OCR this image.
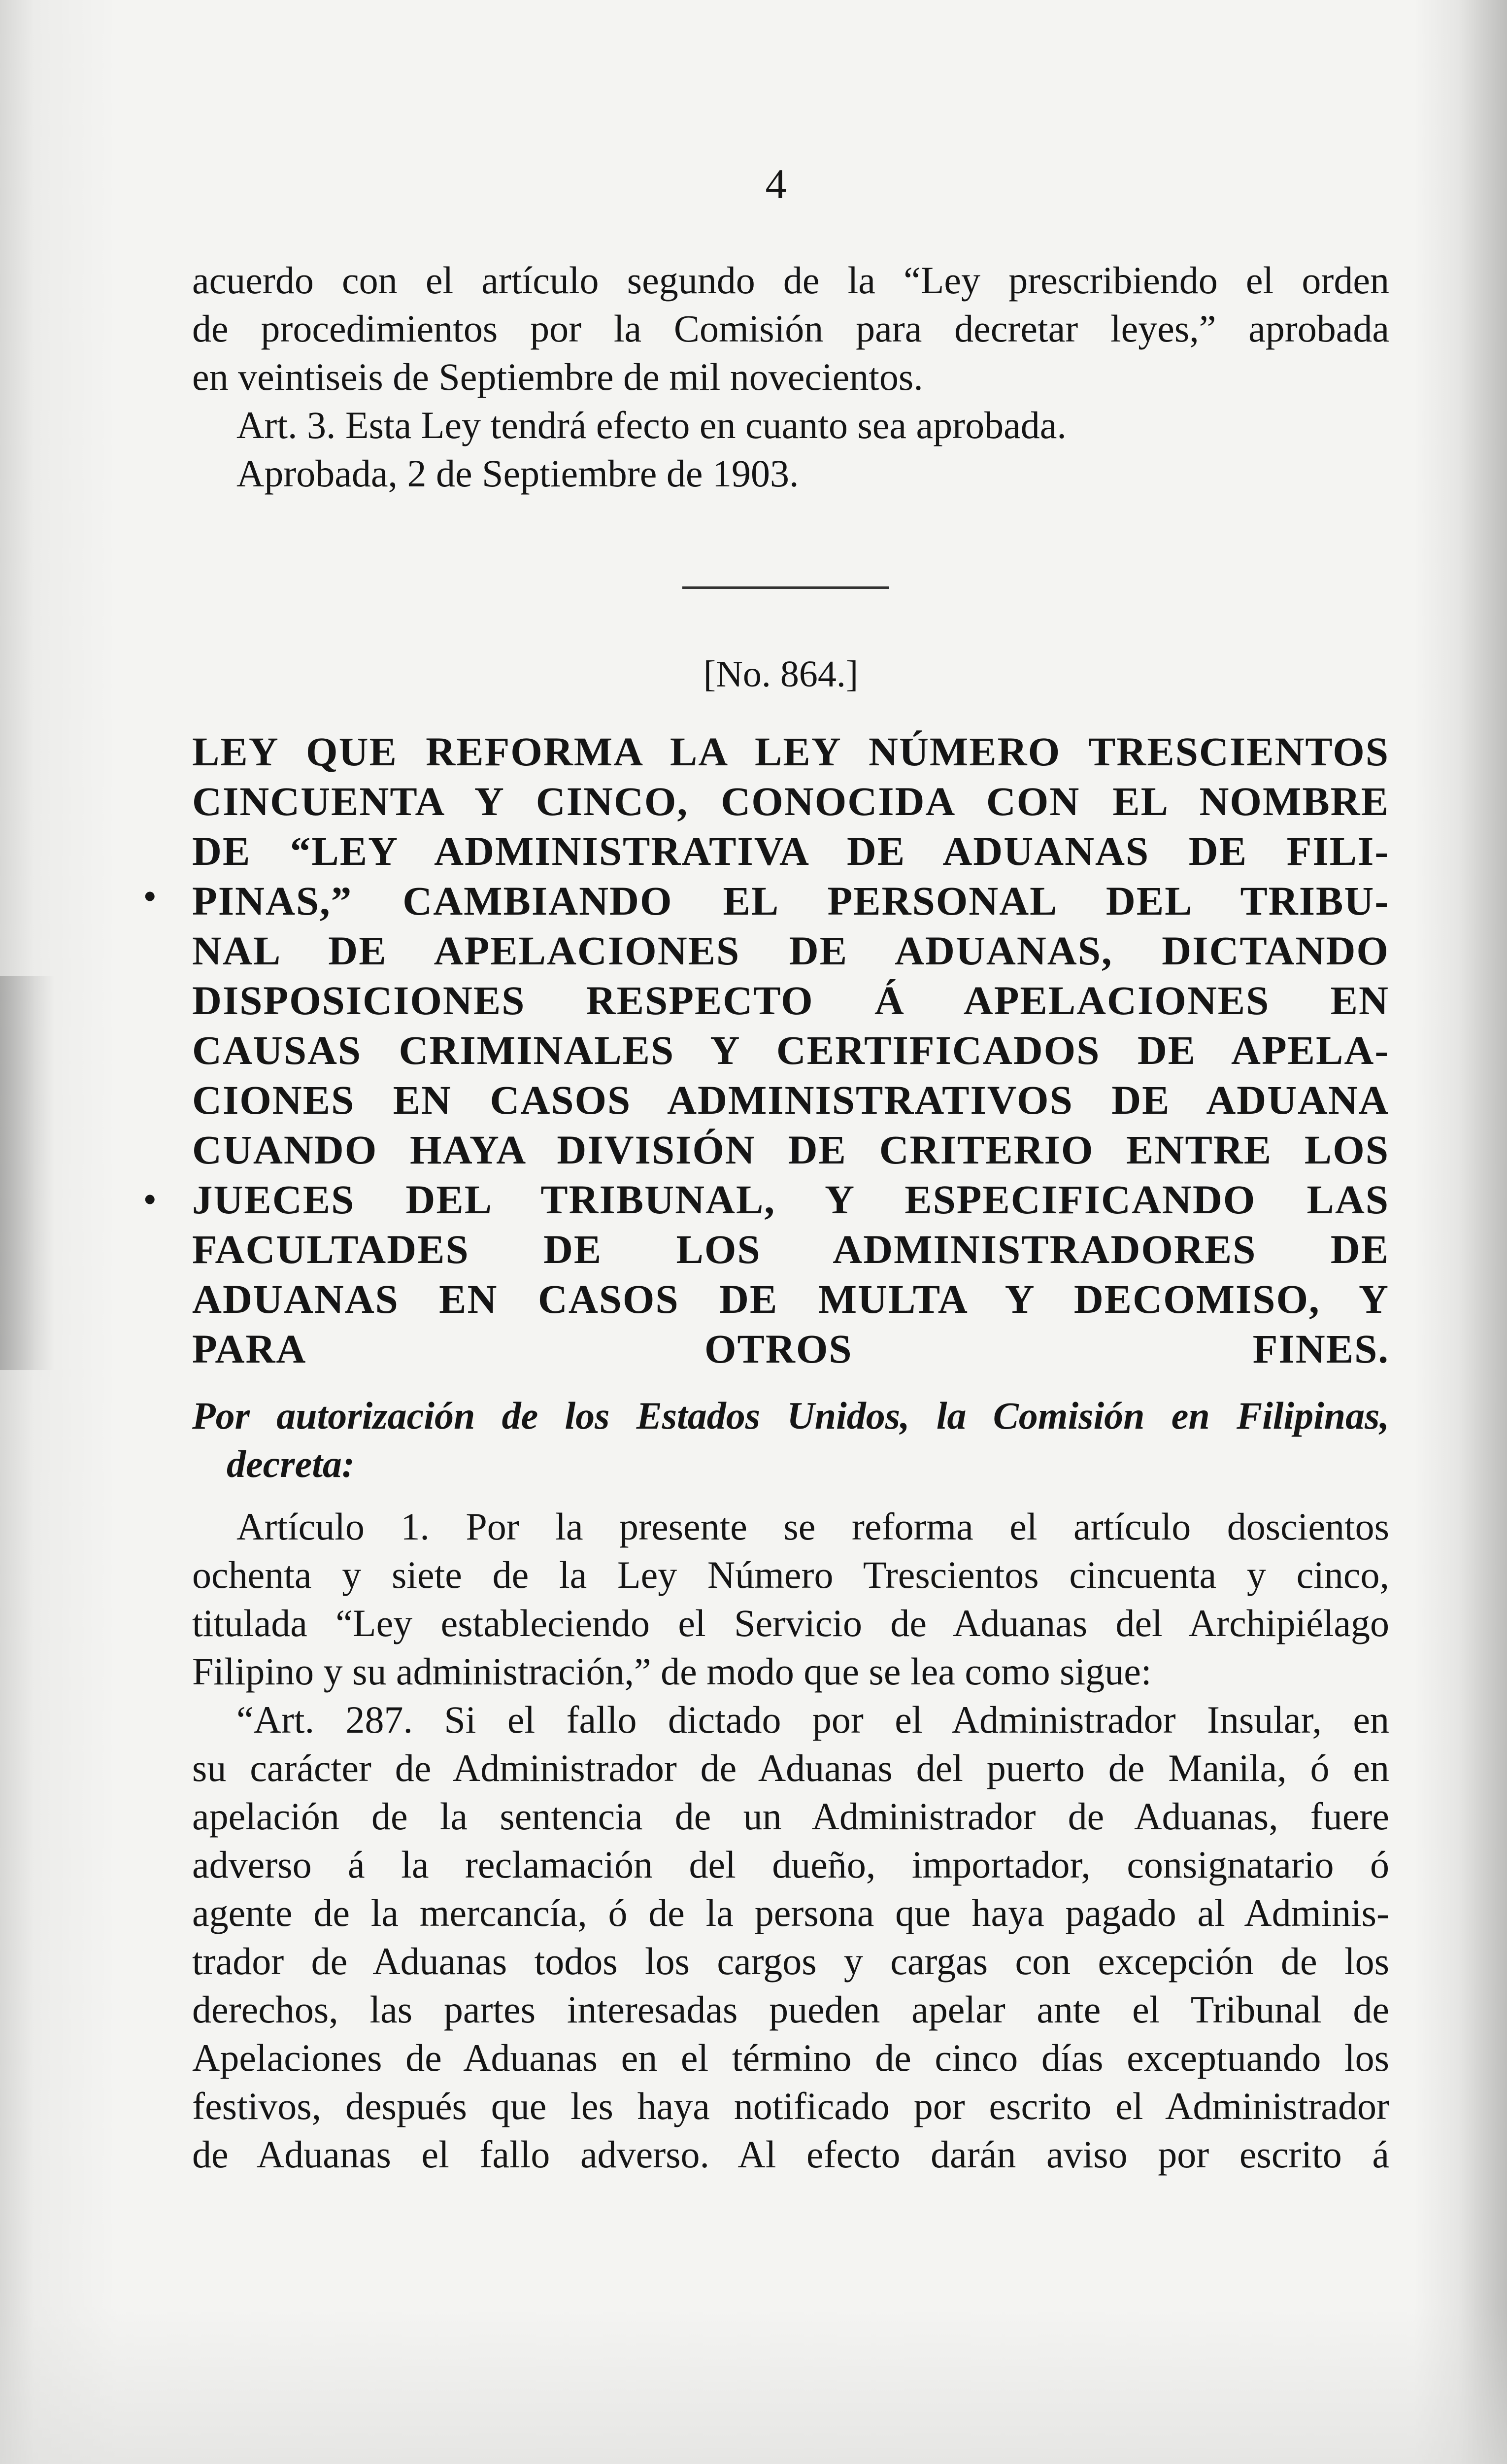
4
acuerdo con el artículo segundo de la “Ley prescribiendo el orden
de procedimientos por la Comisión para decretar leyes,” aprobada
en veintiseis de Septiembre de mil novecientos.
Art. 3. Esta Ley tendrá efecto en cuanto sea aprobada.
Aprobada, 2 de Septiembre de 1903.
[No. 864.]
•
•
LEY QUE REFORMA LA LEY NÚMERO TRESCIENTOS
CINCUENTA Y CINCO, CONOCIDA CON EL NOMBRE
DE “LEY ADMINISTRATIVA DE ADUANAS DE FILI-
PINAS,” CAMBIANDO EL PERSONAL DEL TRIBU-
NAL DE APELACIONES DE ADUANAS, DICTANDO
DISPOSICIONES RESPECTO Á APELACIONES EN
CAUSAS CRIMINALES Y CERTIFICADOS DE APELA-
CIONES EN CASOS ADMINISTRATIVOS DE ADUANA
CUANDO HAYA DIVISIÓN DE CRITERIO ENTRE LOS
JUECES DEL TRIBUNAL, Y ESPECIFICANDO LAS
FACULTADES DE LOS ADMINISTRADORES DE
ADUANAS EN CASOS DE MULTA Y DECOMISO, Y
PARA OTROS FINES.
Por autorización de los Estados Unidos, la Comisión en Filipinas,
decreta:
Artículo 1. Por la presente se reforma el artículo doscientos
ochenta y siete de la Ley Número Trescientos cincuenta y cinco,
titulada “Ley estableciendo el Servicio de Aduanas del Archipiélago
Filipino y su administración,” de modo que se lea como sigue:
“Art. 287. Si el fallo dictado por el Administrador Insular, en
su carácter de Administrador de Aduanas del puerto de Manila, ó en
apelación de la sentencia de un Administrador de Aduanas, fuere
adverso á la reclamación del dueño, importador, consignatario ó
agente de la mercancía, ó de la persona que haya pagado al Adminis-
trador de Aduanas todos los cargos y cargas con excepción de los
derechos, las partes interesadas pueden apelar ante el Tribunal de
Apelaciones de Aduanas en el término de cinco días exceptuando los
festivos, después que les haya notificado por escrito el Administrador
de Aduanas el fallo adverso. Al efecto darán aviso por escrito á
